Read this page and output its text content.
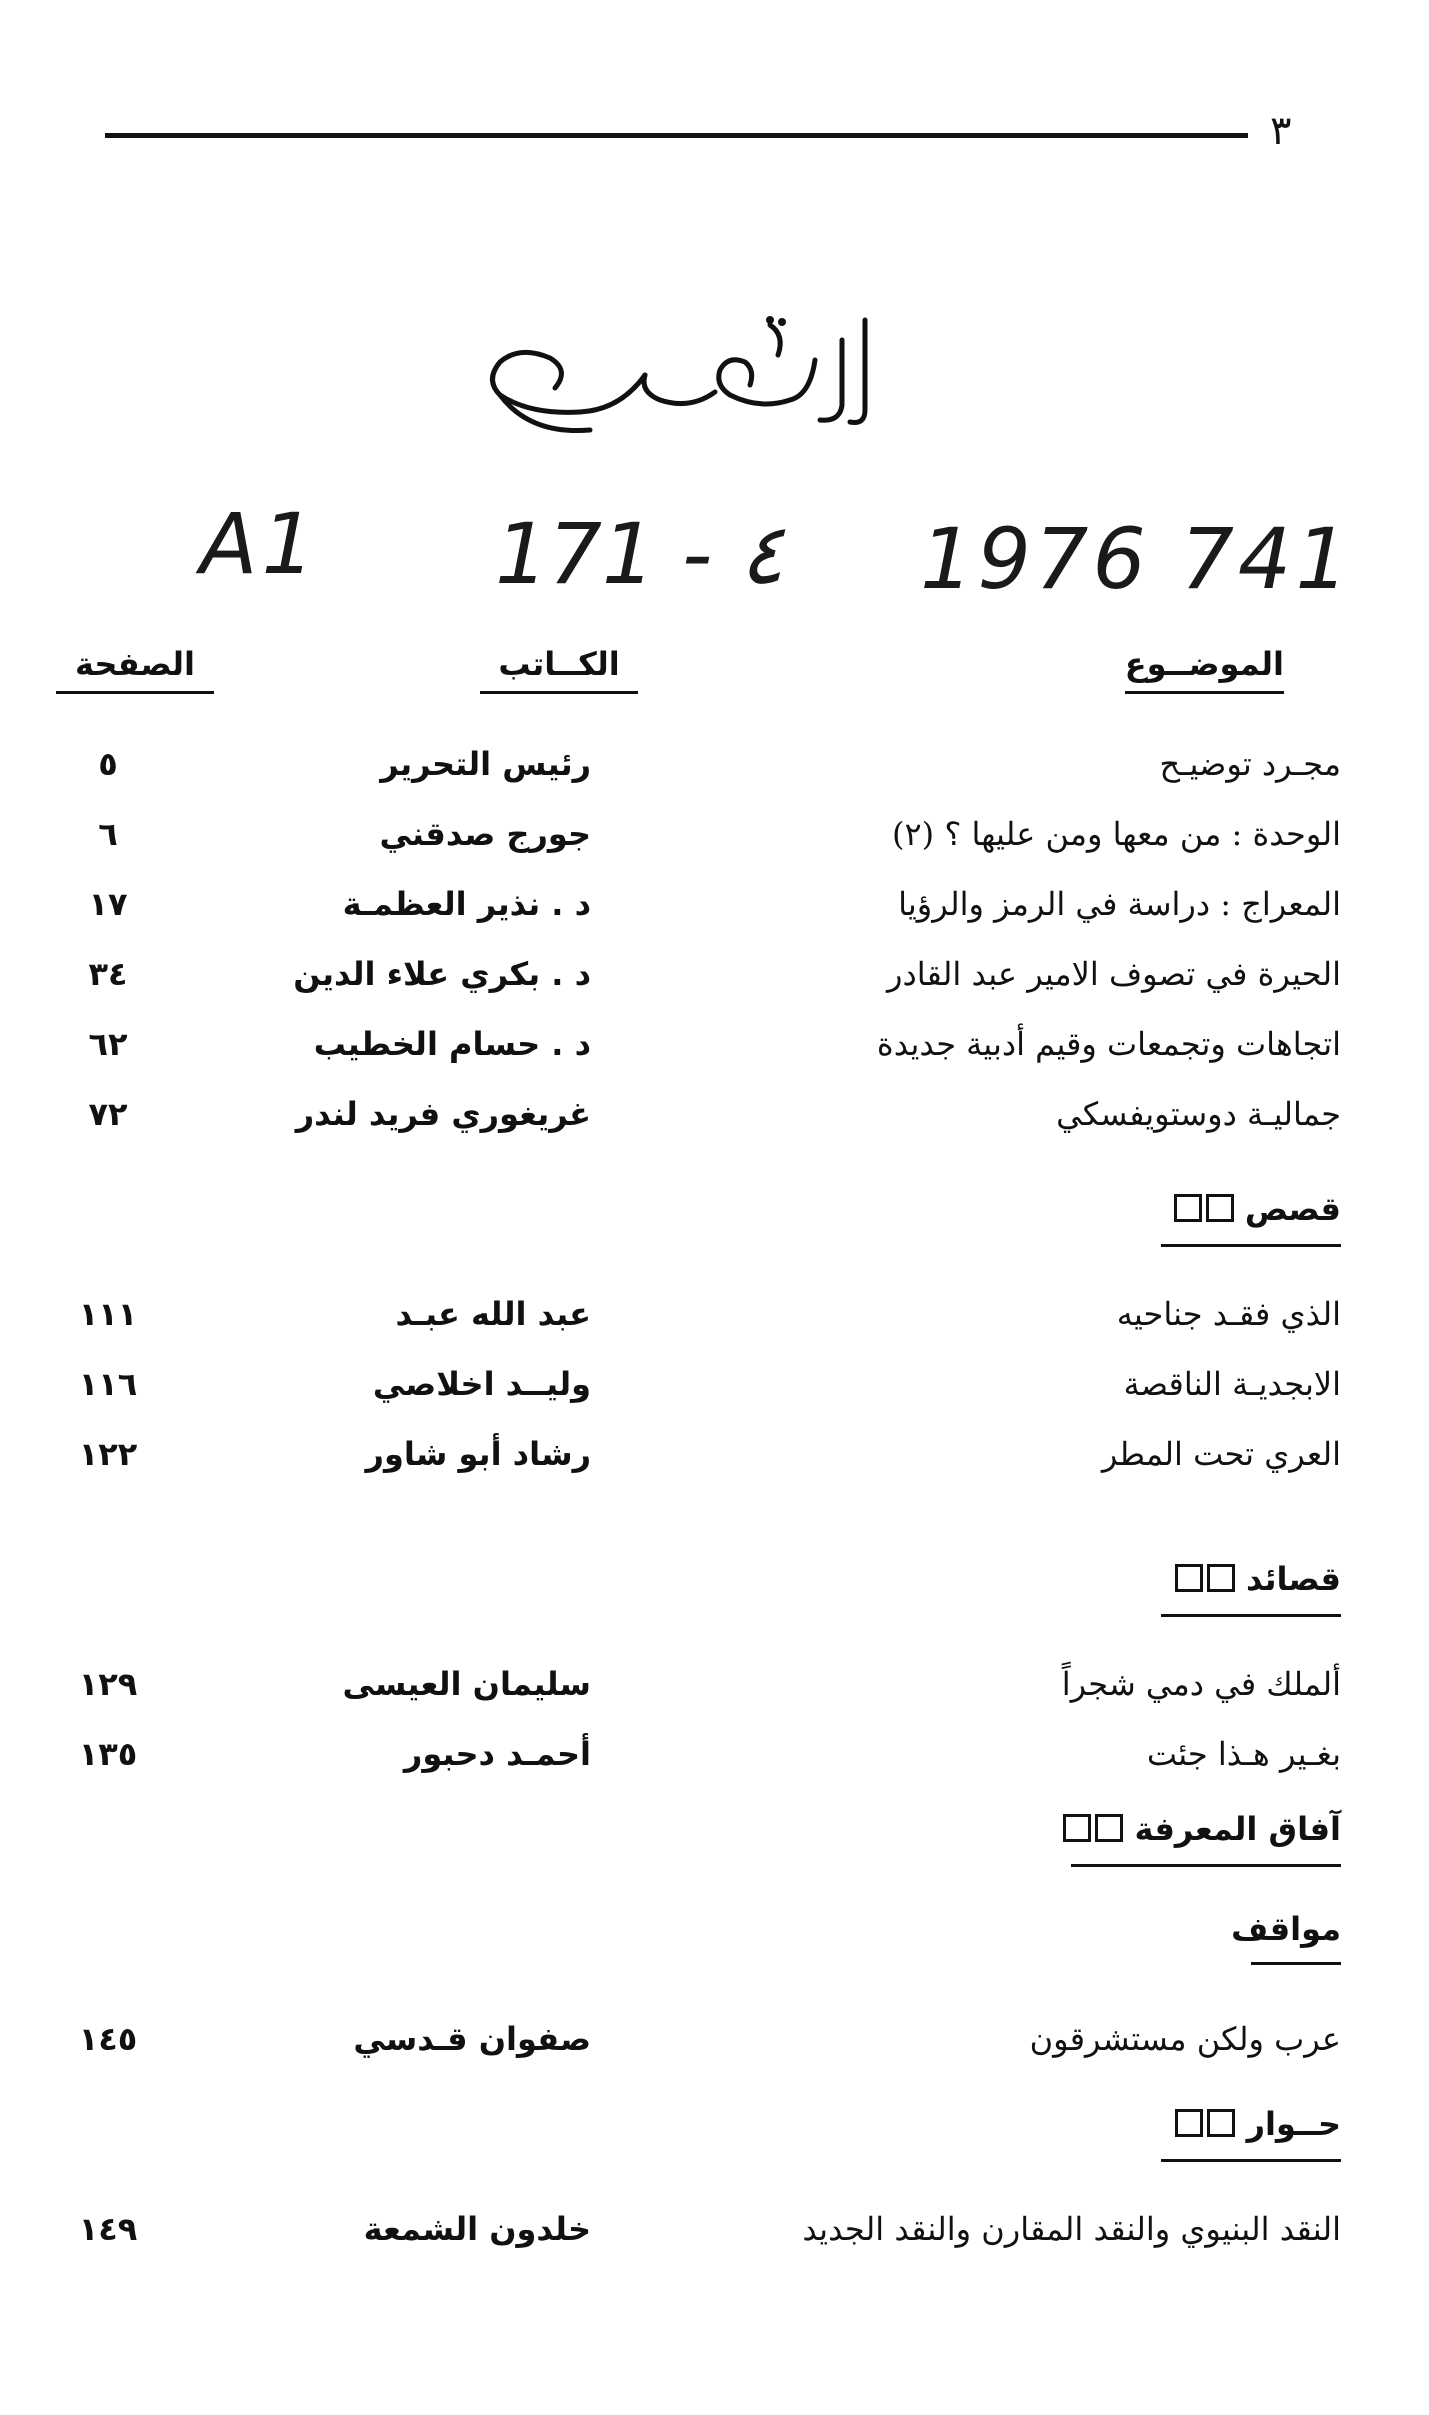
٣
A1 171 - ٤ 1976 741
الموضــوع
الكــاتب
الصفحة
مجـرد توضيـح
رئيس التحرير
٥
الوحدة : من معها ومن عليها ؟ (٢)
جورج صدقني
٦
المعراج : دراسة في الرمز والرؤيا
د . نذير العظمـة
١٧
الحيرة في تصوف الامير عبد القادر
د . بكري علاء الدين
٣٤
اتجاهات وتجمعات وقيم أدبية جديدة
د . حسام الخطيب
٦٢
جماليـة دوستويفسكي
غريغوري فريد لندر
٧٢
قصص
الذي فقـد جناحيه
عبد الله عبـد
١١١
الابجديـة الناقصة
وليــد اخلاصي
١١٦
العري تحت المطر
رشاد أبو شاور
١٢٢
قصائد
ألملك في دمي شجراً
سليمان العيسى
١٢٩
بغـير هـذا جئت
أحمـد دحبور
١٣٥
آفاق المعرفة
مواقف
عرب ولكن مستشرقون
صفوان قـدسي
١٤٥
حــوار
النقد البنيوي والنقد المقارن والنقد الجديد
خلدون الشمعة
١٤٩
